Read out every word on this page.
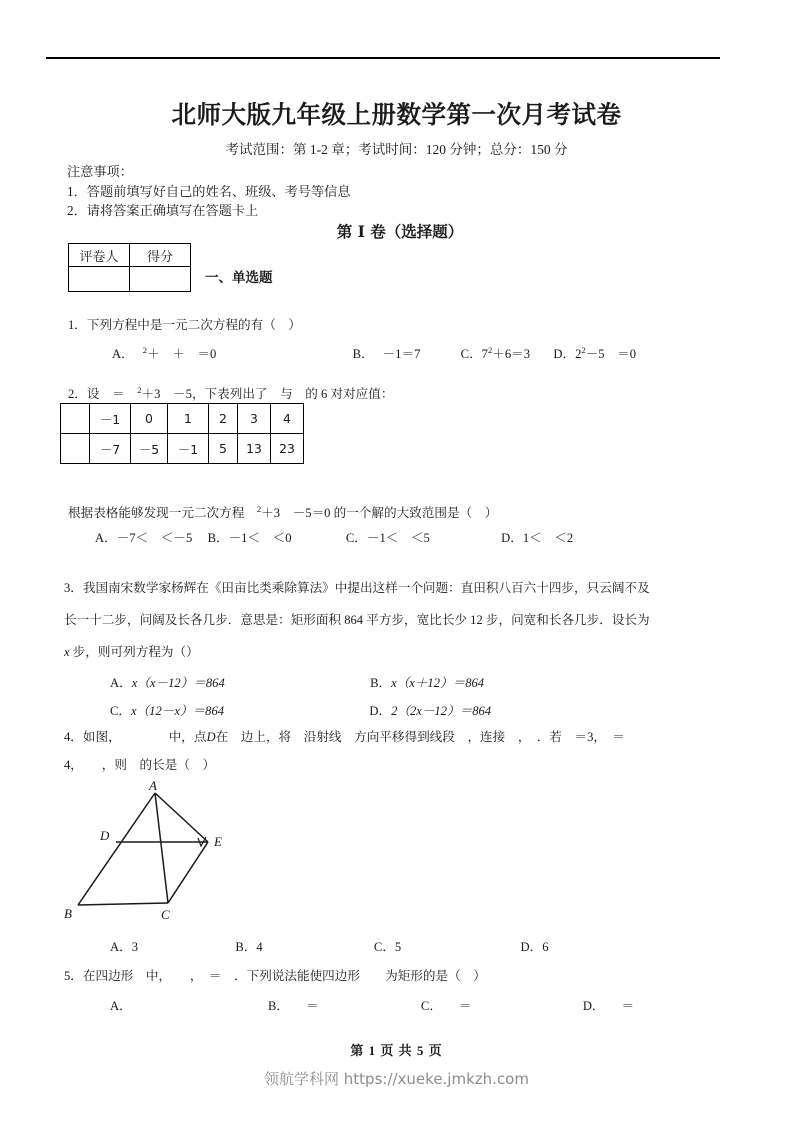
北师大版九年级上册数学第一次月考试卷
考试范围：第 1-2 章；考试时间：120 分钟；总分：150 分
注意事项：
1．答题前填写好自己的姓名、班级、考号等信息
2．请将答案正确填写在答题卡上
第 I 卷（选择题）
评卷人	得分

一、单选题
1．下列方程中是一元二次方程的有（　）
A． $^2$＋　＋　＝0	B． －1＝7	C．$7^2+6=3$ D．$2^2-5$　＝0
2．设　＝　$^2$＋3　－5，下表列出了　与　的 6 对对应值：
	－1	0	1	2	3	4
	－7	－5	－1	5	13	23
根据表格能够发现一元二次方程　$^2$＋3　－5＝0 的一个解的大致范围是（　）
A．－7＜　＜－5 B．－1＜　＜0	C．－1＜　＜5	D．1＜　＜2
3．我国南宋数学家杨辉在《田亩比类乘除算法》中提出这样一个问题：直田积八百六十四步，只云阔不及
长一十二步，问阔及长各几步．意思是：矩形面积 864 平方步，宽比长少 12 步，问宽和长各几步．设长为
x 步，则可列方程为（）
A．x（x－12）＝864	B．x（x＋12）＝864
C．x（12－x）＝864	D．2（2x－12）＝864
4．如图，	中，点D在　边上，将　沿射线　方向平移得到线段　，连接　，　．若　＝3，　＝
4，　　，则　的长是（　）
A
B	C
D	E
A．3	B．4	C．5	D．6
5．在四边形　中，　　，　＝　．下列说法能使四边形　　为矩形的是（　）
A．	B． ＝	C． ＝	D． ＝
第 1 页 共 5 页
领航学科网 https://xueke.jmkzh.com
